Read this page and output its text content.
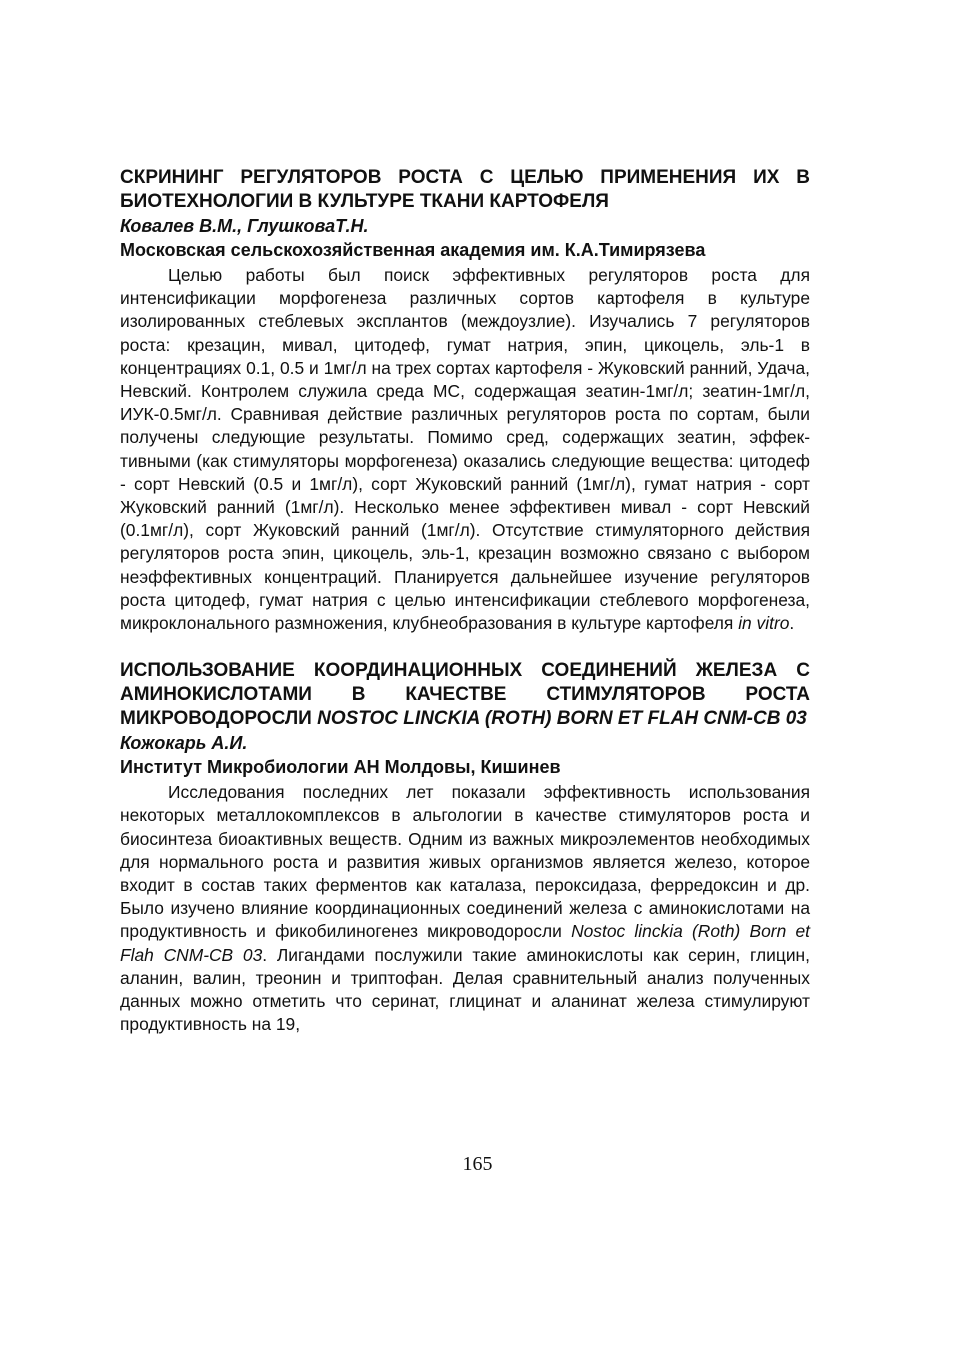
СКРИНИНГ РЕГУЛЯТОРОВ РОСТА С ЦЕЛЬЮ ПРИМЕНЕНИЯ ИХ В БИОТЕХНОЛОГИИ В КУЛЬТУРЕ ТКАНИ КАРТОФЕЛЯ
Ковалев В.М., ГлушковаТ.Н.
Московская сельскохозяйственная академия им. К.А.Тимирязева

Целью работы был поиск эффективных регуляторов роста для интенсификации морфогенеза различных сортов картофеля в культуре изолированных стеблевых эксплантов (междоузлие). Изучались 7 регуляторов роста: крезацин, мивал, цитодеф, гумат натрия, эпин, цикоцель, эль-1 в концентрациях 0.1, 0.5 и 1мг/л на трех сортах картофеля - Жуковский ранний, Удача, Невский. Контролем служила среда МС, содержащая зеатин-1мг/л; зеатин-1мг/л, ИУК-0.5мг/л. Сравнивая действие различных регуляторов роста по сортам, были получены следующие результаты. Помимо сред, содержащих зеатин, эффективными (как стимуляторы морфогенеза) оказались следующие вещества: цитодеф - сорт Невский (0.5 и 1мг/л), сорт Жуковский ранний (1мг/л), гумат натрия - сорт Жуковский ранний (1мг/л). Несколько менее эффективен мивал - сорт Невский (0.1мг/л), сорт Жуковский ранний (1мг/л). Отсутствие стимуляторного действия регуляторов роста эпин, цикоцель, эль-1, крезацин возможно связано с выбором неэффективных концентраций. Планируется дальнейшее изучение регуляторов роста цитодеф, гумат натрия с целью интенсификации стеблевого морфогенеза, микроклонального размножения, клубнеобразования в культуре картофеля in vitro.

ИСПОЛЬЗОВАНИЕ КООРДИНАЦИОННЫХ СОЕДИНЕНИЙ ЖЕЛЕЗА С АМИНОКИСЛОТАМИ В КАЧЕСТВЕ СТИМУЛЯТОРОВ РОСТА МИКРОВОДОРОСЛИ NOSTOC LINCKIA (ROTH) BORN ET FLAH CNM-CB 03
Кожокарь А.И.
Институт Микробиологии АН Молдовы, Кишинев

Исследования последних лет показали эффективность использования некоторых металлокомплексов в альгологии в качестве стимуляторов роста и биосинтеза биоактивных веществ. Одним из важных микроэлементов необходимых для нормального роста и развития живых организмов является железо, которое входит в состав таких ферментов как каталаза, пероксидаза, ферредоксин и др. Было изучено влияние координационных соединений железа с аминокислотами на продуктивность и фикобилиногенез микроводоросли Nostoc linckia (Roth) Born et Flah CNM-CB 03. Лигандами послужили такие аминокислоты как серин, глицин, аланин, валин, треонин и триптофан. Делая сравнительный анализ полученных данных можно отметить что серинат, глицинат и аланинат железа стимулируют продуктивность на 19,

165
